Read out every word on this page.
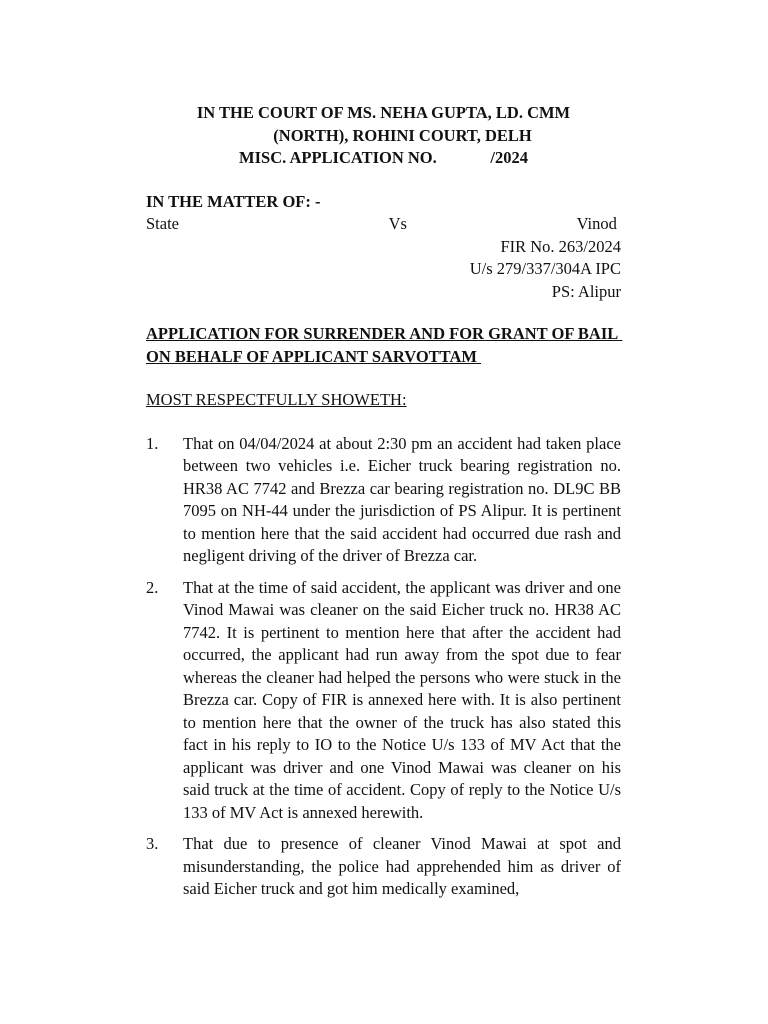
IN THE COURT OF MS. NEHA GUPTA, LD. CMM
(NORTH), ROHINI COURT, DELH
MISC. APPLICATION NO.             /2024
IN THE MATTER OF: -
State	Vs	Vinod
FIR No. 263/2024
U/s 279/337/304A IPC
PS: Alipur
APPLICATION FOR SURRENDER AND FOR GRANT OF BAIL ON BEHALF OF APPLICANT SARVOTTAM
MOST RESPECTFULLY SHOWETH:
1.	That on 04/04/2024 at about 2:30 pm an accident had taken place between two vehicles i.e. Eicher truck bearing registration no. HR38 AC 7742 and Brezza car bearing registration no. DL9C BB 7095 on NH-44 under the jurisdiction of PS Alipur. It is pertinent to mention here that the said accident had occurred due rash and negligent driving of the driver of Brezza car.
2.	That at the time of said accident, the applicant was driver and one Vinod Mawai was cleaner on the said Eicher truck no. HR38 AC 7742. It is pertinent to mention here that after the accident had occurred, the applicant had run away from the spot due to fear whereas the cleaner had helped the persons who were stuck in the Brezza car. Copy of FIR is annexed here with. It is also pertinent to mention here that the owner of the truck has also stated this fact in his reply to IO to the Notice U/s 133 of MV Act that the applicant was driver and one Vinod Mawai was cleaner on his said truck at the time of accident. Copy of reply to the Notice U/s 133 of MV Act is annexed herewith.
3.	That due to presence of cleaner Vinod Mawai at spot and misunderstanding, the police had apprehended him as driver of said Eicher truck and got him medically examined,
